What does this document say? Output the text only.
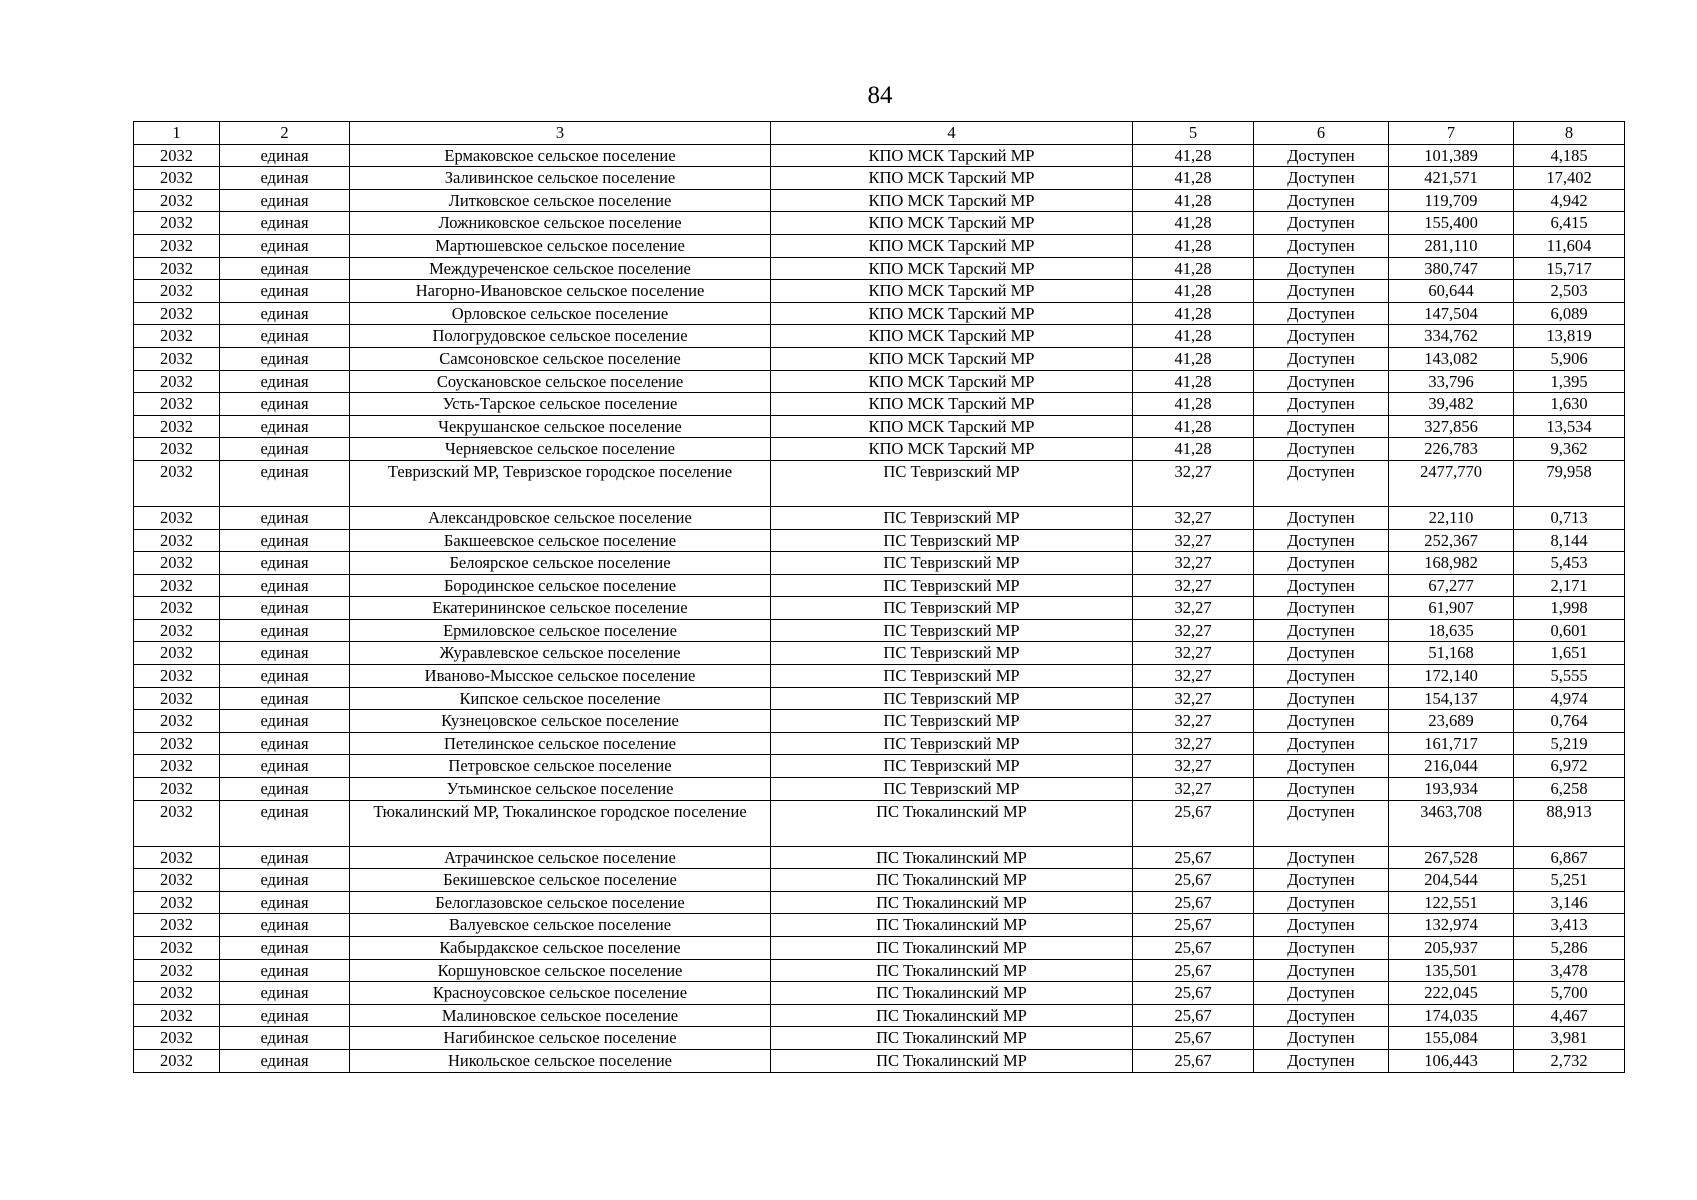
84
1	2	3	4	5	6	7	8
2032	единая	Ермаковское сельское поселение	КПО МСК Тарский МР	41,28	Доступен	101,389	4,185
2032	единая	Заливинское сельское поселение	КПО МСК Тарский МР	41,28	Доступен	421,571	17,402
2032	единая	Литковское сельское поселение	КПО МСК Тарский МР	41,28	Доступен	119,709	4,942
2032	единая	Ложниковское сельское поселение	КПО МСК Тарский МР	41,28	Доступен	155,400	6,415
2032	единая	Мартюшевское сельское поселение	КПО МСК Тарский МР	41,28	Доступен	281,110	11,604
2032	единая	Междуреченское сельское поселение	КПО МСК Тарский МР	41,28	Доступен	380,747	15,717
2032	единая	Нагорно-Ивановское сельское поселение	КПО МСК Тарский МР	41,28	Доступен	60,644	2,503
2032	единая	Орловское сельское поселение	КПО МСК Тарский МР	41,28	Доступен	147,504	6,089
2032	единая	Пологрудовское сельское поселение	КПО МСК Тарский МР	41,28	Доступен	334,762	13,819
2032	единая	Самсоновское сельское поселение	КПО МСК Тарский МР	41,28	Доступен	143,082	5,906
2032	единая	Соускановское сельское поселение	КПО МСК Тарский МР	41,28	Доступен	33,796	1,395
2032	единая	Усть-Тарское сельское поселение	КПО МСК Тарский МР	41,28	Доступен	39,482	1,630
2032	единая	Чекрушанское сельское поселение	КПО МСК Тарский МР	41,28	Доступен	327,856	13,534
2032	единая	Черняевское сельское поселение	КПО МСК Тарский МР	41,28	Доступен	226,783	9,362
2032	единая	Тевризский МР, Тевризское городское поселение	ПС Тевризский МР	32,27	Доступен	2477,770	79,958
2032	единая	Александровское сельское поселение	ПС Тевризский МР	32,27	Доступен	22,110	0,713
2032	единая	Бакшеевское сельское поселение	ПС Тевризский МР	32,27	Доступен	252,367	8,144
2032	единая	Белоярское сельское поселение	ПС Тевризский МР	32,27	Доступен	168,982	5,453
2032	единая	Бородинское сельское поселение	ПС Тевризский МР	32,27	Доступен	67,277	2,171
2032	единая	Екатерининское сельское поселение	ПС Тевризский МР	32,27	Доступен	61,907	1,998
2032	единая	Ермиловское сельское поселение	ПС Тевризский МР	32,27	Доступен	18,635	0,601
2032	единая	Журавлевское сельское поселение	ПС Тевризский МР	32,27	Доступен	51,168	1,651
2032	единая	Иваново-Мысское сельское поселение	ПС Тевризский МР	32,27	Доступен	172,140	5,555
2032	единая	Кипское сельское поселение	ПС Тевризский МР	32,27	Доступен	154,137	4,974
2032	единая	Кузнецовское сельское поселение	ПС Тевризский МР	32,27	Доступен	23,689	0,764
2032	единая	Петелинское сельское поселение	ПС Тевризский МР	32,27	Доступен	161,717	5,219
2032	единая	Петровское сельское поселение	ПС Тевризский МР	32,27	Доступен	216,044	6,972
2032	единая	Утьминское сельское поселение	ПС Тевризский МР	32,27	Доступен	193,934	6,258
2032	единая	Тюкалинский МР, Тюкалинское городское поселение	ПС Тюкалинский МР	25,67	Доступен	3463,708	88,913
2032	единая	Атрачинское сельское поселение	ПС Тюкалинский МР	25,67	Доступен	267,528	6,867
2032	единая	Бекишевское сельское поселение	ПС Тюкалинский МР	25,67	Доступен	204,544	5,251
2032	единая	Белоглазовское сельское поселение	ПС Тюкалинский МР	25,67	Доступен	122,551	3,146
2032	единая	Валуевское сельское поселение	ПС Тюкалинский МР	25,67	Доступен	132,974	3,413
2032	единая	Кабырдакское сельское поселение	ПС Тюкалинский МР	25,67	Доступен	205,937	5,286
2032	единая	Коршуновское сельское поселение	ПС Тюкалинский МР	25,67	Доступен	135,501	3,478
2032	единая	Красноусовское сельское поселение	ПС Тюкалинский МР	25,67	Доступен	222,045	5,700
2032	единая	Малиновское сельское поселение	ПС Тюкалинский МР	25,67	Доступен	174,035	4,467
2032	единая	Нагибинское сельское поселение	ПС Тюкалинский МР	25,67	Доступен	155,084	3,981
2032	единая	Никольское сельское поселение	ПС Тюкалинский МР	25,67	Доступен	106,443	2,732
